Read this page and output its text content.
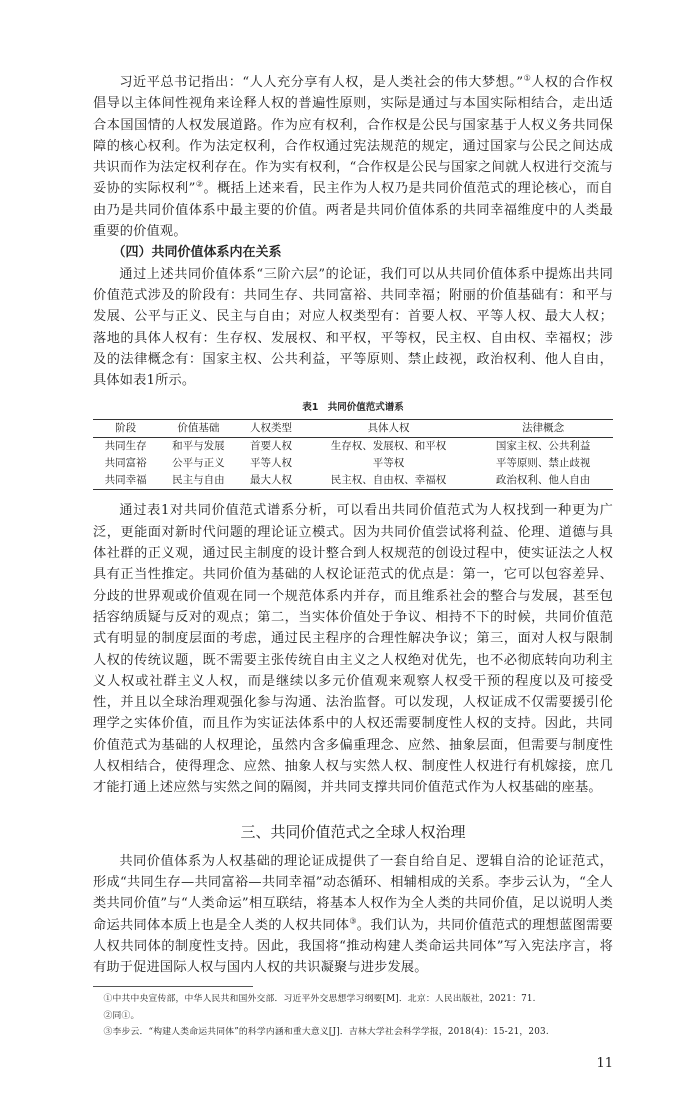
习近平总书记指出：“人人充分享有人权，是人类社会的伟大梦想。”①人权的合作权倡导以主体间性视角来诠释人权的普遍性原则，实际是通过与本国实际相结合，走出适合本国国情的人权发展道路。作为应有权利，合作权是公民与国家基于人权义务共同保障的核心权利。作为法定权利，合作权通过宪法规范的规定，通过国家与公民之间达成共识而作为法定权利存在。作为实有权利，“合作权是公民与国家之间就人权进行交流与妥协的实际权利”②。概括上述来看，民主作为人权乃是共同价值范式的理论核心，而自由乃是共同价值体系中最主要的价值。两者是共同价值体系的共同幸福维度中的人类最重要的价值观。

（四）共同价值体系内在关系

通过上述共同价值体系“三阶六层”的论证，我们可以从共同价值体系中提炼出共同价值范式涉及的阶段有：共同生存、共同富裕、共同幸福；附丽的价值基础有：和平与发展、公平与正义、民主与自由；对应人权类型有：首要人权、平等人权、最大人权；落地的具体人权有：生存权、发展权、和平权，平等权，民主权、自由权、幸福权；涉及的法律概念有：国家主权、公共利益，平等原则、禁止歧视，政治权利、他人自由，具体如表1所示。

表1　共同价值范式谱系
阶段	价值基础	人权类型	具体人权	法律概念
共同生存	和平与发展	首要人权	生存权、发展权、和平权	国家主权、公共利益
共同富裕	公平与正义	平等人权	平等权	平等原则、禁止歧视
共同幸福	民主与自由	最大人权	民主权、自由权、幸福权	政治权利、他人自由

通过表1对共同价值范式谱系分析，可以看出共同价值范式为人权找到一种更为广泛，更能面对新时代问题的理论证立模式。因为共同价值尝试将利益、伦理、道德与具体社群的正义观，通过民主制度的设计整合到人权规范的创设过程中，使实证法之人权具有正当性推定。共同价值为基础的人权论证范式的优点是：第一，它可以包容差异、分歧的世界观或价值观在同一个规范体系内并存，而且维系社会的整合与发展，甚至包括容纳质疑与反对的观点；第二，当实体价值处于争议、相持不下的时候，共同价值范式有明显的制度层面的考虑，通过民主程序的合理性解决争议；第三，面对人权与限制人权的传统议题，既不需要主张传统自由主义之人权绝对优先，也不必彻底转向功利主义人权或社群主义人权，而是继续以多元价值观来观察人权受干预的程度以及可接受性，并且以全球治理观强化参与沟通、法治监督。可以发现，人权证成不仅需要援引伦理学之实体价值，而且作为实证法体系中的人权还需要制度性人权的支持。因此，共同价值范式为基础的人权理论，虽然内含多偏重理念、应然、抽象层面，但需要与制度性人权相结合，使得理念、应然、抽象人权与实然人权、制度性人权进行有机嫁接，庶几才能打通上述应然与实然之间的隔阂，并共同支撑共同价值范式作为人权基础的座基。

三、共同价值范式之全球人权治理

共同价值体系为人权基础的理论证成提供了一套自给自足、逻辑自洽的论证范式，形成“共同生存—共同富裕—共同幸福”动态循环、相辅相成的关系。李步云认为，“全人类共同价值”与“人类命运”相互联结，将基本人权作为全人类的共同价值，足以说明人类命运共同体本质上也是全人类的人权共同体③。我们认为，共同价值范式的理想蓝图需要人权共同体的制度性支持。因此，我国将“推动构建人类命运共同体”写入宪法序言，将有助于促进国际人权与国内人权的共识凝聚与进步发展。

①中共中央宣传部，中华人民共和国外交部．习近平外交思想学习纲要[M]．北京：人民出版社，2021：71.

②同①。

③李步云．“构建人类命运共同体”的科学内涵和重大意义[J]．吉林大学社会科学学报，2018(4)：15-21，203.

11
